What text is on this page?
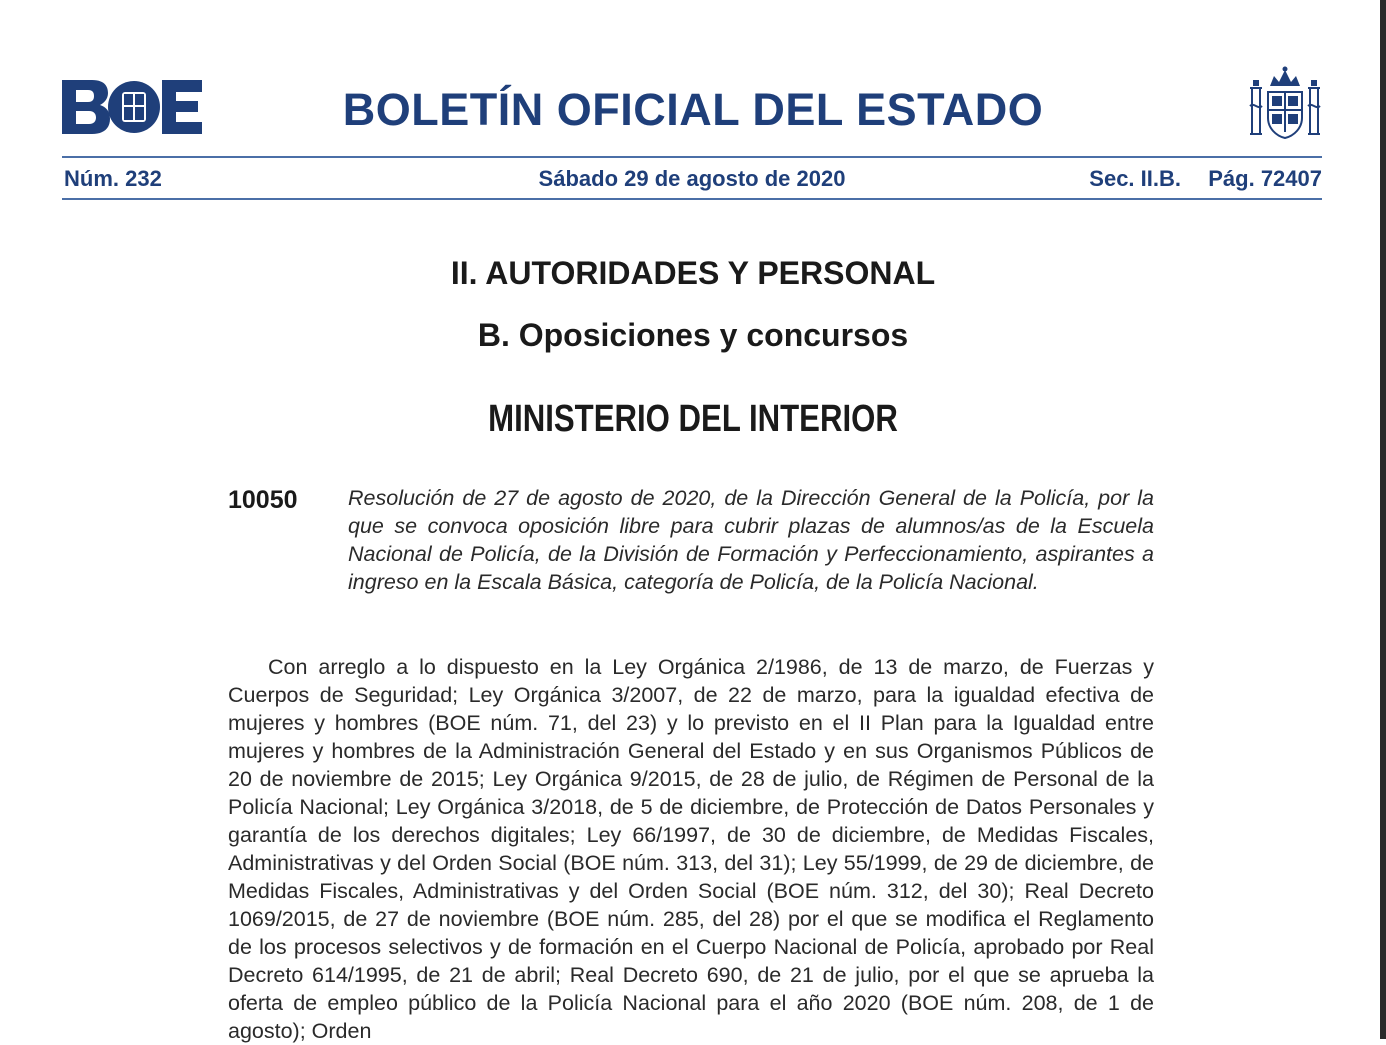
BOLETÍN OFICIAL DEL ESTADO
Núm. 232	Sábado 29 de agosto de 2020	Sec. II.B. Pág. 72407
II. AUTORIDADES Y PERSONAL
B. Oposiciones y concursos
MINISTERIO DEL INTERIOR
10050 Resolución de 27 de agosto de 2020, de la Dirección General de la Policía, por la que se convoca oposición libre para cubrir plazas de alumnos/as de la Escuela Nacional de Policía, de la División de Formación y Perfeccionamiento, aspirantes a ingreso en la Escala Básica, categoría de Policía, de la Policía Nacional.

Con arreglo a lo dispuesto en la Ley Orgánica 2/1986, de 13 de marzo, de Fuerzas y Cuerpos de Seguridad; Ley Orgánica 3/2007, de 22 de marzo, para la igualdad efectiva de mujeres y hombres (BOE núm. 71, del 23) y lo previsto en el II Plan para la Igualdad entre mujeres y hombres de la Administración General del Estado y en sus Organismos Públicos de 20 de noviembre de 2015; Ley Orgánica 9/2015, de 28 de julio, de Régimen de Personal de la Policía Nacional; Ley Orgánica 3/2018, de 5 de diciembre, de Protección de Datos Personales y garantía de los derechos digitales; Ley 66/1997, de 30 de diciembre, de Medidas Fiscales, Administrativas y del Orden Social (BOE núm. 313, del 31); Ley 55/1999, de 29 de diciembre, de Medidas Fiscales, Administrativas y del Orden Social (BOE núm. 312, del 30); Real Decreto 1069/2015, de 27 de noviembre (BOE núm. 285, del 28) por el que se modifica el Reglamento de los procesos selectivos y de formación en el Cuerpo Nacional de Policía, aprobado por Real Decreto 614/1995, de 21 de abril; Real Decreto 690, de 21 de julio, por el que se aprueba la oferta de empleo público de la Policía Nacional para el año 2020 (BOE núm. 208, de 1 de agosto); Orden
